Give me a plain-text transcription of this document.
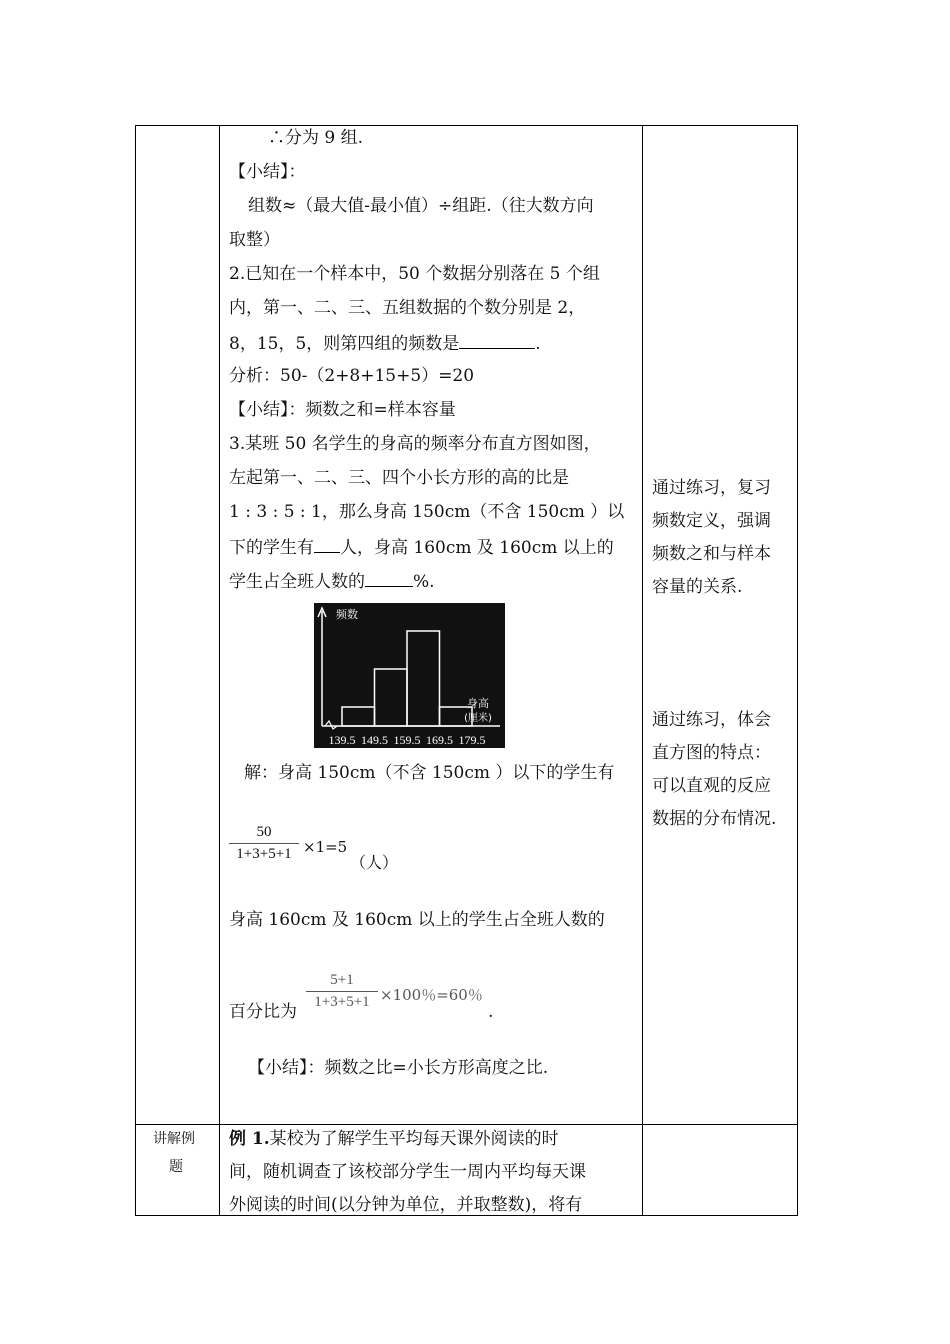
∴分为 9 组.
【小结】：
组数≈（最大值-最小值）÷组距.（往大数方向
取整）
2.已知在一个样本中，50 个数据分别落在 5 个组
内，第一、二、三、五组数据的个数分别是 2，
8，15，5，则第四组的频数是	.
分析：50-（2+8+15+5）=20
【小结】：频数之和=样本容量
3.某班 50 名学生的身高的频率分布直方图如图，
左起第一、二、三、四个小长方形的高的比是
1 : 3 : 5 : 1，那么身高 150cm（不含 150cm ）以
下的学生有 人，身高 160cm 及 160cm 以上的
学生占全班人数的	%.
139.5 149.5 159.5 169.5 179.5
频数
身高
(厘米)
解：身高 150cm（不含 150cm ）以下的学生有
50
1+3+5+1 ×1=5
（人）
身高 160cm 及 160cm 以上的学生占全班人数的
百分比为
5+1
1+3+5+1 ×100％=60％
.
【小结】：频数之比=小长方形高度之比.
通过练习，复习
频数定义，强调
频数之和与样本
容量的关系.
通过练习，体会
直方图的特点：
可以直观的反应
数据的分布情况.
讲解例
题
例 1.某校为了解学生平均每天课外阅读的时
间，随机调查了该校部分学生一周内平均每天课
外阅读的时间(以分钟为单位，并取整数)，将有
